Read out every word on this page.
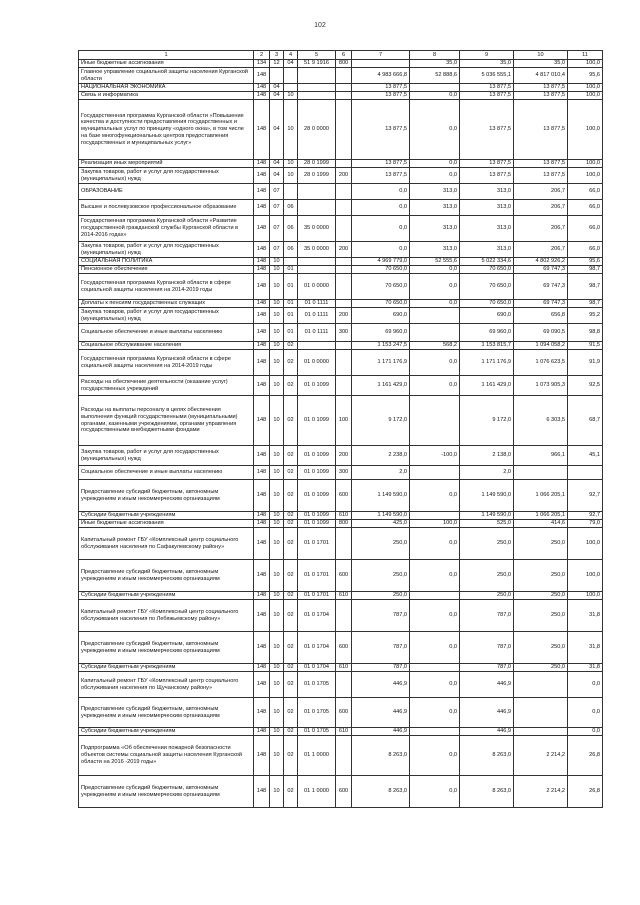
102
1	2	3	4	5	6	7	8	9	10	11
Иные бюджетные ассигнования	134	12	04	51 9 1916	800		35,0	35,0	35,0	100,0
Главное управление социальной защиты населения Курганской области	148					4 983 666,8	52 888,6	5 036 555,1	4 817 010,4	95,6
НАЦИОНАЛЬНАЯ ЭКОНОМИКА	148	04				13 877,5		13 877,5	13 877,5	100,0
Связь и информатика	148	04	10			13 877,5	0,0	13 877,5	13 877,5	100,0
Государственная программа Курганской области «Повышение качества и доступности предоставления государственных и муниципальных услуг по принципу «одного окна», в том числе на базе многофункциональных центров предоставления государственных и муниципальных услуг»	148	04	10	28 0 0000		13 877,5	0,0	13 877,5	13 877,5	100,0
Реализация иных мероприятий	148	04	10	28 0 1999		13 877,5	0,0	13 877,5	13 877,5	100,0
Закупка товаров, работ и услуг для государственных (муниципальных) нужд	148	04	10	28 0 1999	200	13 877,5	0,0	13 877,5	13 877,5	100,0
ОБРАЗОВАНИЕ	148	07				0,0	313,0	313,0	206,7	66,0
Высшее и послевузовское профессиональное образование	148	07	06			0,0	313,0	313,0	206,7	66,0
Государственная программа Курганской области «Развитие государственной гражданской службы Курганской области в 2014-2016 годах»	148	07	06	35 0 0000		0,0	313,0	313,0	206,7	66,0
Закупка товаров, работ и услуг для государственных (муниципальных) нужд	148	07	06	35 0 0000	200	0,0	313,0	313,0	206,7	66,0
СОЦИАЛЬНАЯ ПОЛИТИКА	148	10				4 969 779,0	52 555,6	5 022 334,6	4 802 926,2	95,6
Пенсионное обеспечение	148	10	01			70 650,0	0,0	70 650,0	69 747,3	98,7
Государственная программа Курганской области в сфере социальной защиты населения на 2014-2019 годы	148	10	01	01 0 0000		70 650,0	0,0	70 650,0	69 747,3	98,7
Доплаты к пенсиям государственных служащих	148	10	01	01 0 1111		70 650,0	0,0	70 650,0	69 747,3	98,7
Закупка товаров, работ и услуг для государственных (муниципальных) нужд	148	10	01	01 0 1111	200	690,0		690,0	656,8	95,2
Социальное обеспечение и иные выплаты населению	148	10	01	01 0 1111	300	69 960,0		69 960,0	69 090,5	98,8
Социальное обслуживание населения	148	10	02			1 153 247,5	568,2	1 153 815,7	1 094 058,2	91,5
Государственная программа Курганской области в сфере социальной защиты населения на 2014-2019 годы	148	10	02	01 0 0000		1 171 176,9	0,0	1 171 176,9	1 076 623,5	91,9
Расходы на обеспечение деятельности (оказание услуг) государственных учреждений	148	10	02	01 0 1099		1 161 429,0	0,0	1 161 429,0	1 073 905,3	92,5
Расходы на выплаты персоналу в целях обеспечения выполнения функций государственными (муниципальными) органами, казенными учреждениями, органами управления государственными внебюджетными фондами	148	10	02	01 0 1099	100	9 172,0		9 172,0	6 303,5	68,7
Закупка товаров, работ и услуг для государственных (муниципальных) нужд	148	10	02	01 0 1099	200	2 238,0	-100,0	2 138,0	966,1	45,1
Социальное обеспечение и иные выплаты населению	148	10	02	01 0 1099	300	2,0		2,0		
Предоставление субсидий бюджетным, автономным учреждениям и иным некоммерческим организациям	148	10	02	01 0 1099	600	1 149 590,0	0,0	1 149 590,0	1 066 205,1	92,7
Субсидии бюджетным учреждениям	148	10	02	01 0 1099	610	1 149 590,0		1 149 590,0	1 066 205,1	92,7
Иные бюджетные ассигнования	148	10	02	01 0 1099	800	425,0	100,0	525,0	414,6	79,0
Капитальный ремонт ГБУ «Комплексный центр социального обслуживания населения по Сафакулевскому району»	148	10	02	01 0 1701		250,0	0,0	250,0	250,0	100,0
Предоставление субсидий бюджетным, автономным учреждениям и иным некоммерческим организациям	148	10	02	01 0 1701	600	250,0	0,0	250,0	250,0	100,0
Субсидии бюджетным учреждениям	148	10	02	01 0 1701	610	250,0		250,0	250,0	100,0
Капитальный ремонт ГБУ «Комплексный центр социального обслуживания населения по Лебяжьевскому району»	148	10	02	01 0 1704		787,0	0,0	787,0	250,0	31,8
Предоставление субсидий бюджетным, автономным учреждениям и иным некоммерческим организациям	148	10	02	01 0 1704	600	787,0	0,0	787,0	250,0	31,8
Субсидии бюджетным учреждениям	148	10	02	01 0 1704	610	787,0		787,0	250,0	31,8
Капитальный ремонт ГБУ «Комплексный центр социального обслуживания населения по Щучанскому району»	148	10	02	01 0 1705		446,9	0,0	446,9		0,0
Предоставление субсидий бюджетным, автономным учреждениям и иным некоммерческим организациям	148	10	02	01 0 1705	600	446,9	0,0	446,9		0,0
Субсидии бюджетным учреждениям	148	10	02	01 0 1705	610	446,9		446,9		0,0
Подпрограмма «Об обеспечении пожарной безопасности объектов системы социальной защиты населения Курганской области на 2016 -2019 годы»	148	10	02	01 1 0000		8 263,0	0,0	8 263,0	2 214,2	26,8
Предоставление субсидий бюджетным, автономным учреждениям и иным некоммерческим организациям	148	10	02	01 1 0000	600	8 263,0	0,0	8 263,0	2 214,2	26,8
